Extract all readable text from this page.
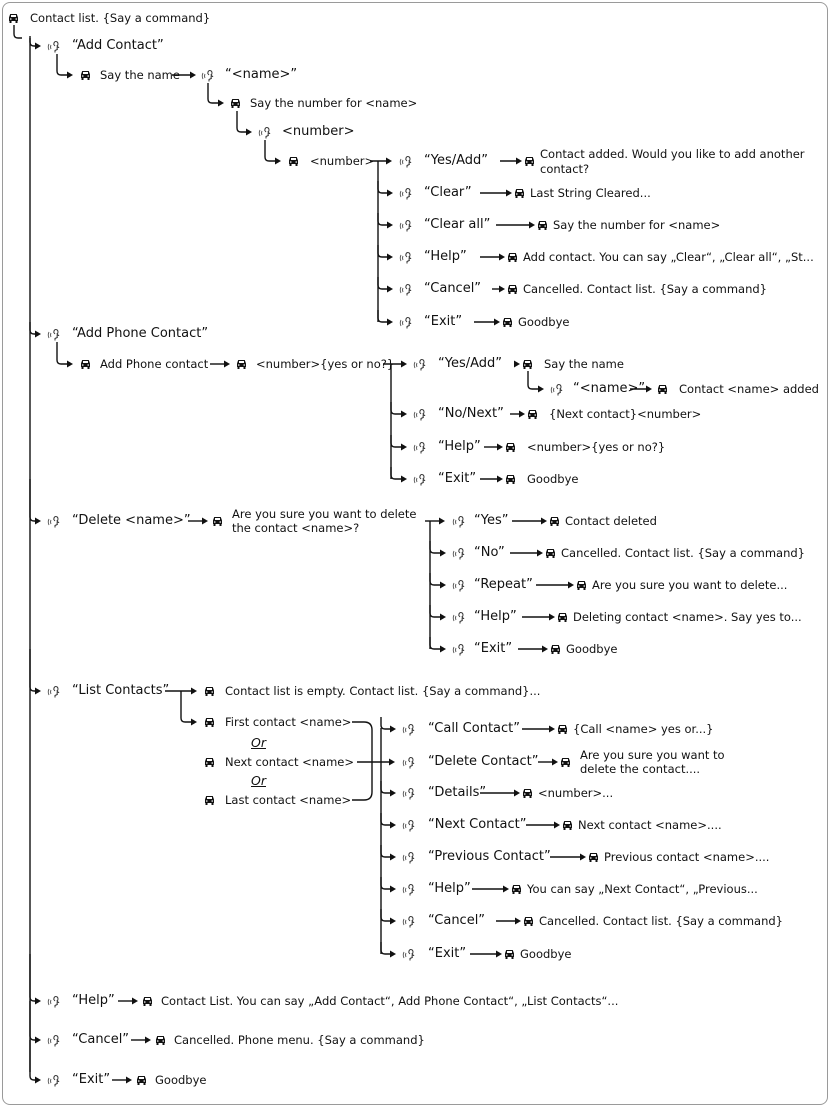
Contact list. {Say a command}
“Add Contact”
Say the name	“<name>”
Say the number for <name>
<number>
<number>	“Yes/Add”	Contact added. Would you like to add another
contact?
“Clear”	Last String Cleared...
“Clear all”	Say the number for <name>
“Help”	Add contact. You can say „Clear“, „Clear all“, „St...
“Cancel”	Cancelled. Contact list. {Say a command}
“Exit”	Goodbye
“Add Phone Contact”
Add Phone contact	<number>{yes or no?}	“Yes/Add”	Say the name
“No/Next”	{Next contact}<number>
“Help”	<number>{yes or no?}
“Exit”	Goodbye
“<name>”	Contact <name> added
“Delete <name>”	Are you sure you want to delete
the contact <name>?	“Yes”	Contact deleted
“No”	Cancelled. Contact list. {Say a command}
“Repeat”	Are you sure you want to delete...
“Help”	Deleting contact <name>. Say yes to...
“Exit”	Goodbye
“List Contacts”	Contact list is empty. Contact list. {Say a command}...
First contact <name>
Or
Next contact <name>
Or
Last contact <name>
“Call Contact”	{Call <name> yes or...}
“Delete Contact”	Are you sure you want to
delete the contact....
“Details”	<number>...
“Next Contact”	Next contact <name>....
“Previous Contact”	Previous contact <name>....
“Help”	You can say „Next Contact“, „Previous...
“Cancel”	Cancelled. Contact list. {Say a command}
“Exit”	Goodbye
“Help”	Contact List. You can say „Add Contact“, Add Phone Contact“, „List Contacts“...
“Cancel”	Cancelled. Phone menu. {Say a command}
“Exit”	Goodbye
